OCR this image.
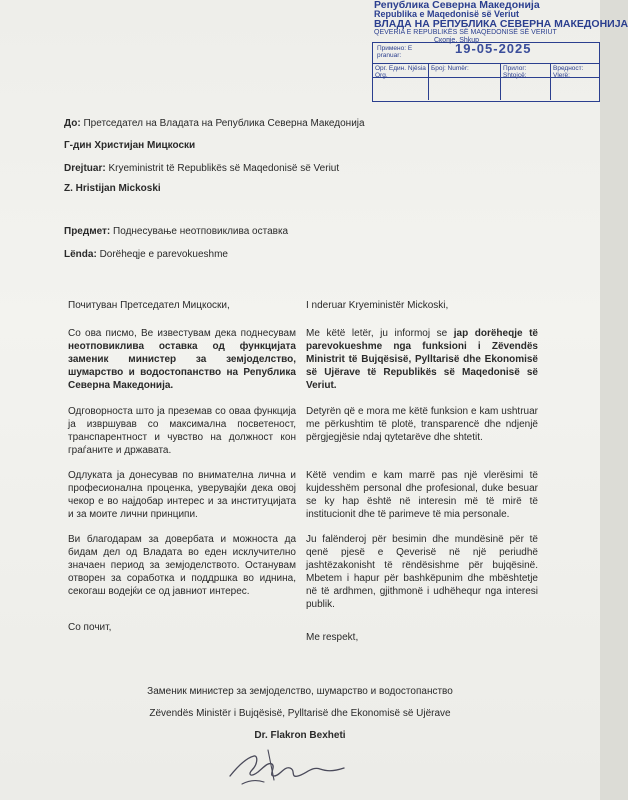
Република Северна Македонија
Republika e Maqedonisë së Veriut
ВЛАДА НА РЕПУБЛИКА СЕВЕРНА МАКЕДОНИЈА
QEVERIA E REPUBLIKËS SË MAQEDONISË SË VERIUT
Скопје, Shkup
Примено: E pranuar:	19-05-2025
Орг. Един. Njësia Org.
Број: Numër:	Прилог: Shtojcë:
Вредност: Vlerë:
До: Претседател на Владата на Република Северна Македонија
Г-дин Христијан Мицкоски
Drejtuar: Kryeministrit të Republikës së Maqedonisë së Veriut
Z. Hristijan Mickoski
Предмет: Поднесување неотповиклива оставка
Lënda: Dorëheqje e parevokueshme
Почитуван Претседател Мицкоски,
Со ова писмо, Ве известувам дека поднесувам неотповиклива оставка од функцијата заменик министер за земјоделство, шумарство и водостопанство на Република Северна Македонија.
Одговорноста што ја преземав со оваа функција ја извршував со максимална посветеност, транспарентност и чувство на должност кон граѓаните и државата.
Одлуката ја донесував по внимателна лична и професионална проценка, уверувајќи дека овој чекор е во најдобар интерес и за институцијата и за моите лични принципи.
Ви благодарам за довербата и можноста да бидам дел од Владата во еден исклучително значаен период за земјоделството. Останувам отворен за соработка и поддршка во иднина, секогаш водејќи се од јавниот интерес.
Со почит,
I nderuar Kryeministër Mickoski,
Me këtë letër, ju informoj se jap dorëheqje të parevokueshme nga funksioni i Zëvendës Ministrit të Bujqësisë, Pylltarisë dhe Ekonomisë së Ujërave të Republikës së Maqedonisë së Veriut.
Detyrën që e mora me këtë funksion e kam ushtruar me përkushtim të plotë, transparencë dhe ndjenjë përgjegjësie ndaj qytetarëve dhe shtetit.
Këtë vendim e kam marrë pas një vlerësimi të kujdesshëm personal dhe profesional, duke besuar se ky hap është në interesin më të mirë të institucionit dhe të parimeve të mia personale.
Ju falënderoj për besimin dhe mundësinë për të qenë pjesë e Qeverisë në një periudhë jashtëzakonisht të rëndësishme për bujqësinë. Mbetem i hapur për bashkëpunim dhe mbështetje në të ardhmen, gjithmonë i udhëhequr nga interesi publik.
Me respekt,
Заменик министер за земјоделство, шумарство и водостопанство
Zëvendës Ministër i Bujqësisë, Pylltarisë dhe Ekonomisë së Ujërave
Dr. Flakron Bexheti
